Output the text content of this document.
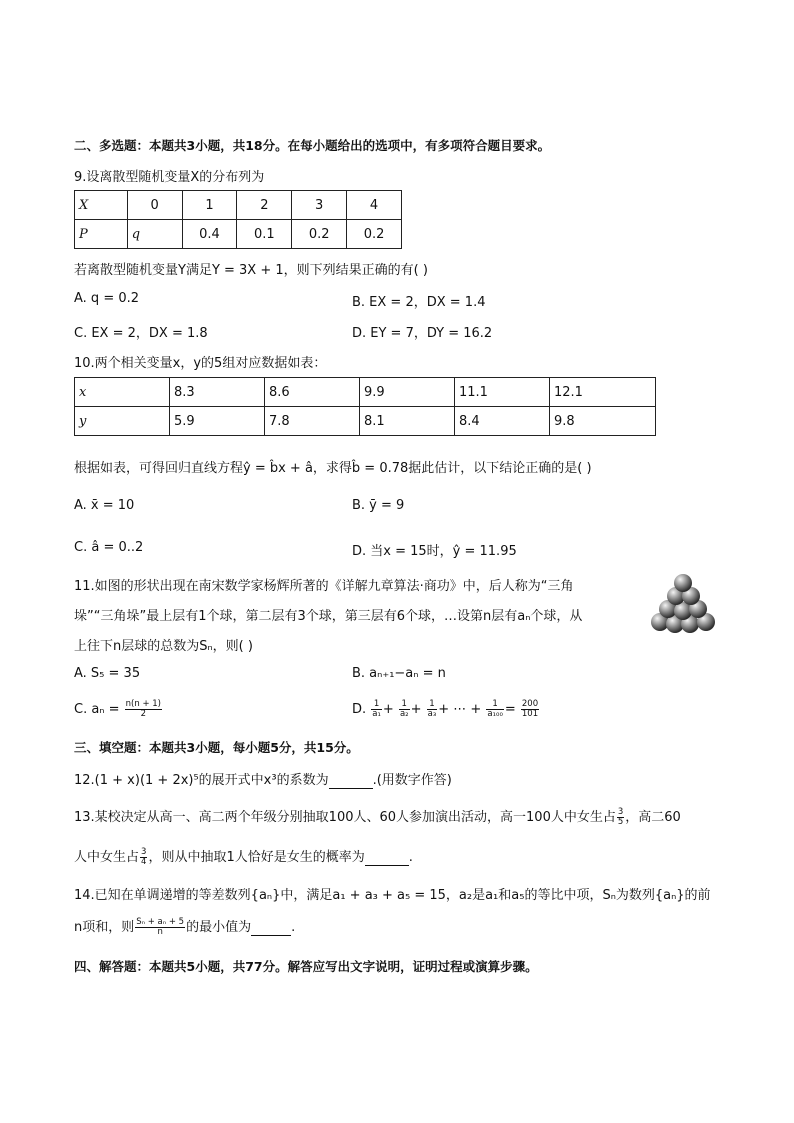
二、多选题：本题共3小题，共18分。在每小题给出的选项中，有多项符合题目要求。
9.设离散型随机变量X的分布列为
X	0	1	2	3	4
P	q	0.4	0.1	0.2	0.2
若离散型随机变量Y满足Y = 3X + 1，则下列结果正确的有( )
A. q = 0.2	B. EX = 2，DX = 1.4
C. EX = 2，DX = 1.8	D. EY = 7，DY = 16.2
10.两个相关变量x，y的5组对应数据如表：
x	8.3	8.6	9.9	11.1	12.1
y	5.9	7.8	8.1	8.4	9.8
根据如表，可得回归直线方程ŷ = b̂x + â，求得b̂ = 0.78据此估计，以下结论正确的是( )
A. x̄ = 10	B. ȳ = 9
C. â = 0..2	D. 当x = 15时，ŷ = 11.95
11.如图的形状出现在南宋数学家杨辉所著的《详解九章算法·商功》中，后人称为“三角
垛”“三角垛”最上层有1个球，第二层有3个球，第三层有6个球，…设第n层有aₙ个球，从
上往下n层球的总数为Sₙ，则( )
A. S₅ = 35	B. aₙ₊₁−aₙ = n
C. $a_n = \frac{n(n + 1)}{2}$	D. $\frac{1}{\text{a₁}} + \frac{1}{\text{a₂}} + \frac{1}{\text{a₃}}$ + ⋯ + $\frac{1}{\text{a₁₀₀}} = \frac{200}{101}$
三、填空题：本题共3小题，每小题5分，共15分。
12.(1 + x)(1 + 2x)⁵的展开式中x³的系数为	.(用数字作答)
13.某校决定从高一、高二两个年级分别抽取100人、60人参加演出活动，高一100人中女生占 $\frac{3}{5}$ ，高二60
人中女生占 $\frac{3}{4}$ ，则从中抽取1人恰好是女生的概率为	.
14.已知在单调递增的等差数列{aₙ}中，满足a₁ + a₃ + a₅ = 15，a₂是a₁和a₅的等比中项，Sₙ为数列{aₙ}的前
n项和，则 $\frac{\text{Sₙ + aₙ + 5}}{n}$ 的最小值为	.
四、解答题：本题共5小题，共77分。解答应写出文字说明，证明过程或演算步骤。
